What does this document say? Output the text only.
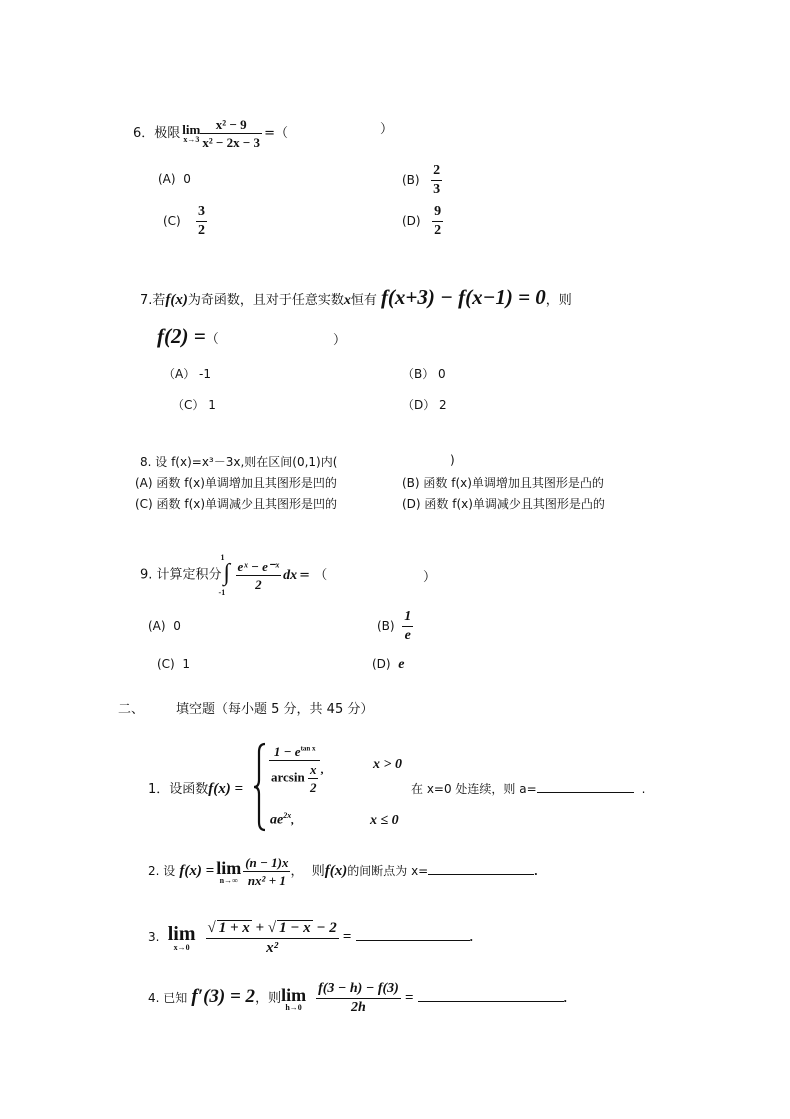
6．极限 lim
$x\to 3 \frac{\text{x² − 9}}{\text{x² − 2x − 3}}$ =（	）
(A) 0	$(B) \frac{2}{3}$
$(C) \frac{3}{2}$	$(D) \frac{9}{2}$
7.若f(x)为奇函数，且对于任意实数x恒有 f(x+3) − f(x−1) = 0，则
f(2) =（	）
（A） -1	（B） 0
（C） 1	（D） 2
8. 设 f(x)=x³－3x,则在区间(0,1)内(	)
(A) 函数 f(x)单调增加且其图形是凹的	(B) 函数 f(x)单调增加且其图形是凸的
(C) 函数 f(x)单调减少且其图形是凹的	(D) 函数 f(x)单调减少且其图形是凸的
9. 计算定积分
1
∫
-1
$\frac{\text{eˣ − e⁻ˣ}}{2}$ dx = （	）
(A) 0	$(B) \frac{1}{e}$
(C) 1	(D) e
二、 填空题（每小题 5 分，共 45 分）
1．设函数$f(x) = \frac{1 - e^{tan x}}{\arcsin \frac{x}{2}}$ ,	x > 0
$ae^{2x}$,	x ≤ 0
在 x=0 处连续，则 a=	.
2. 设 f(x) = lim
$n\to\infty \frac{(n - 1)x}{\text{nx² + 1}}$ ， 则f(x)的间断点为 x=	.
3. lim
x→0	$\frac{√ 1 + x + √ 1 - x - 2}{\text{x²}}$ =	.
4. 已知 f′(3) = 2，则 lim
h→0	$\frac{f(3 - h) - f(3)}{2h}$ =	.
